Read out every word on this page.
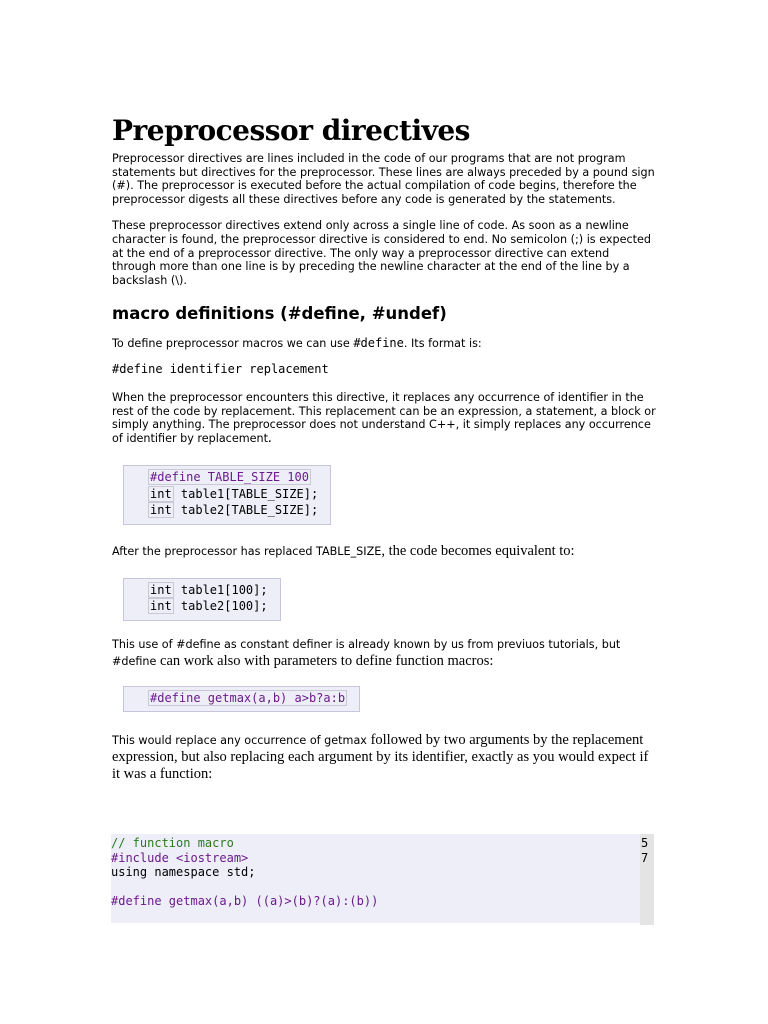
Preprocessor directives

Preprocessor directives are lines included in the code of our programs that are not program statements but directives for the preprocessor. These lines are always preceded by a pound sign (#). The preprocessor is executed before the actual compilation of code begins, therefore the preprocessor digests all these directives before any code is generated by the statements.

These preprocessor directives extend only across a single line of code. As soon as a newline character is found, the preprocessor directive is considered to end. No semicolon (;) is expected at the end of a preprocessor directive. The only way a preprocessor directive can extend through more than one line is by preceding the newline character at the end of the line by a backslash (\).

macro definitions (#define, #undef)

To define preprocessor macros we can use #define. Its format is:

#define identifier replacement

When the preprocessor encounters this directive, it replaces any occurrence of identifier in the rest of the code by replacement. This replacement can be an expression, a statement, a block or simply anything. The preprocessor does not understand C++, it simply replaces any occurrence of identifier by replacement.

#define TABLE_SIZE 100
int table1[TABLE_SIZE];
int table2[TABLE_SIZE];

After the preprocessor has replaced TABLE_SIZE, the code becomes equivalent to:

int table1[100];
int table2[100];

This use of #define as constant definer is already known by us from previuos tutorials, but
#define can work also with parameters to define function macros:

#define getmax(a,b) a>b?a:b

This would replace any occurrence of getmax followed by two arguments by the replacement expression, but also replacing each argument by its identifier, exactly as you would expect if it was a function:

// function macro
#include <iostream>
using namespace std;
#define getmax(a,b) ((a)>(b)?(a):(b))
5
7
